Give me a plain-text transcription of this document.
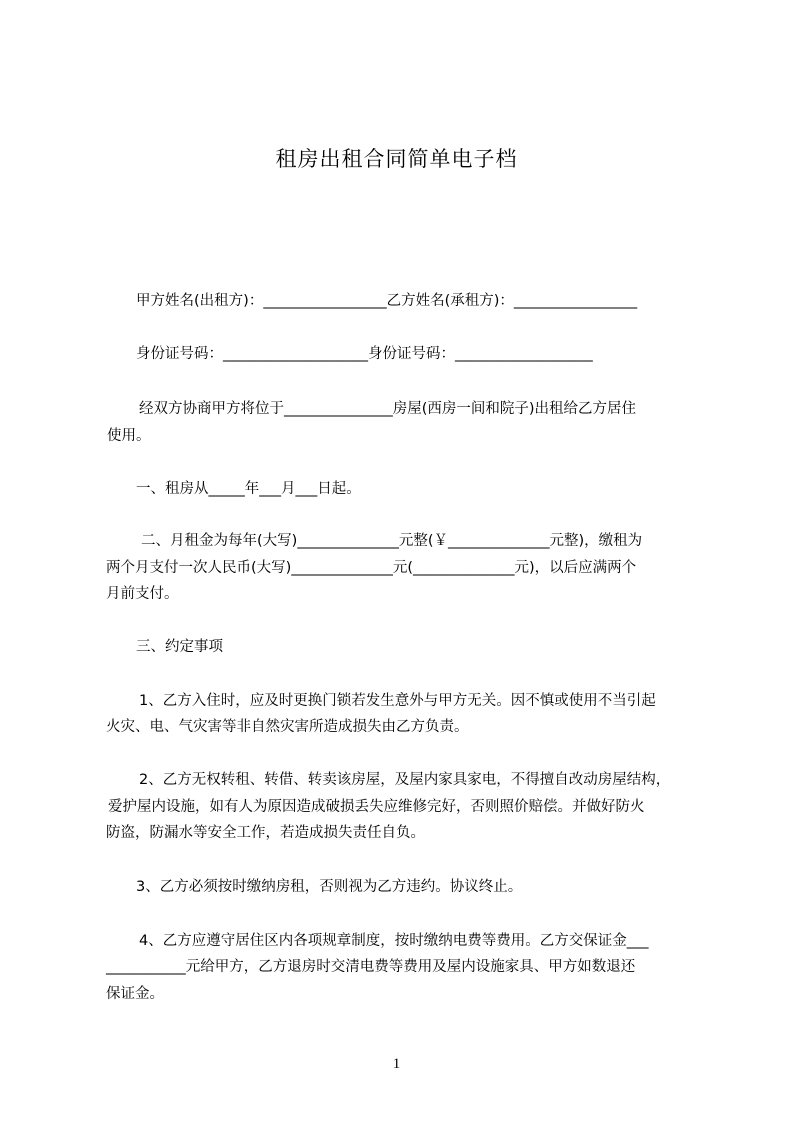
租房出租合同简单电子档

甲方姓名(出租方)：_________________乙方姓名(承租方)：_________________

身份证号码：____________________身份证号码：___________________

经双方协商甲方将位于_______________房屋(西房一间和院子)出租给乙方居住

使用。

一、租房从_____年___月___日起。

二、月租金为每年(大写)______________元整(￥______________元整)，缴租为

两个月支付一次人民币(大写)______________元(______________元)，以后应满两个

月前支付。

三、约定事项

1、乙方入住时，应及时更换门锁若发生意外与甲方无关。因不慎或使用不当引起

火灾、电、气灾害等非自然灾害所造成损失由乙方负责。

2、乙方无权转租、转借、转卖该房屋，及屋内家具家电，不得擅自改动房屋结构，

爱护屋内设施，如有人为原因造成破损丢失应维修完好，否则照价赔偿。并做好防火

防盗，防漏水等安全工作，若造成损失责任自负。

3、乙方必须按时缴纳房租，否则视为乙方违约。协议终止。

4、乙方应遵守居住区内各项规章制度，按时缴纳电费等费用。乙方交保证金___

___________元给甲方，乙方退房时交清电费等费用及屋内设施家具、甲方如数退还

保证金。

1
